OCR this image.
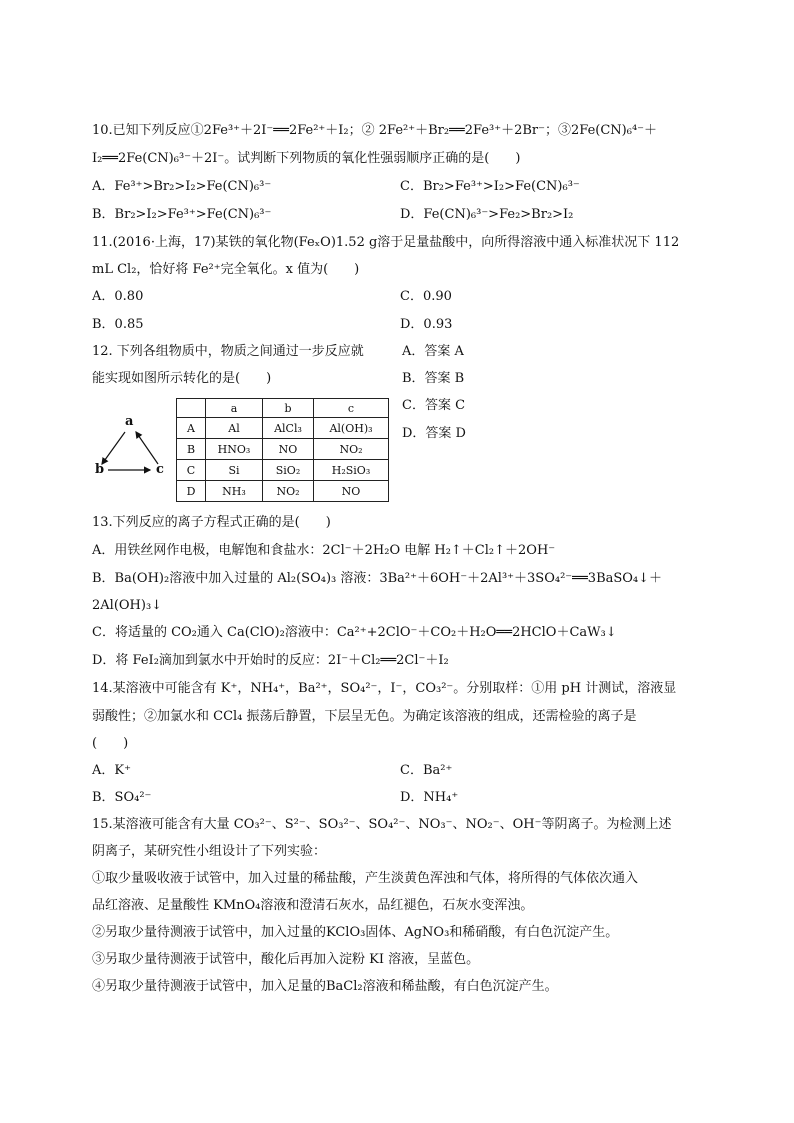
10.已知下列反应①2Fe³⁺＋2I⁻══2Fe²⁺＋I₂；② 2Fe²⁺＋Br₂══2Fe³⁺＋2Br⁻；③2Fe(CN)₆⁴⁻＋
I₂══2Fe(CN)₆³⁻＋2I⁻。试判断下列物质的氧化性强弱顺序正确的是(　　)
A．Fe³⁺>Br₂>I₂>Fe(CN)₆³⁻	C．Br₂>Fe³⁺>I₂>Fe(CN)₆³⁻
B．Br₂>I₂>Fe³⁺>Fe(CN)₆³⁻	D．Fe(CN)₆³⁻>Fe₂>Br₂>I₂
11.(2016·上海，17)某铁的氧化物(FeₓO)1.52 g溶于足量盐酸中，向所得溶液中通入标准状况下 112
mL Cl₂，恰好将 Fe²⁺完全氧化。x 值为(　　)
A．0.80	C．0.90
B．0.85	D．0.93
12. 下列各组物质中，物质之间通过一步反应就
能实现如图所示转化的是(　　)
A．答案 A
B．答案 B
C．答案 C
D．答案 D
a
b	c
	a	b	c
A	Al	AlCl₃	Al(OH)₃
B	HNO₃	NO	NO₂
C	Si	SiO₂	H₂SiO₃
D	NH₃	NO₂	NO
13.下列反应的离子方程式正确的是(　　)
A．用铁丝网作电极，电解饱和食盐水：2Cl⁻＋2H₂O 电解 H₂↑＋Cl₂↑＋2OH⁻
B．Ba(OH)₂溶液中加入过量的 Al₂(SO₄)₃ 溶液：3Ba²⁺＋6OH⁻＋2Al³⁺＋3SO₄²⁻══3BaSO₄↓＋
2Al(OH)₃↓
C．将适量的 CO₂通入 Ca(ClO)₂溶液中：Ca²⁺+2ClO⁻＋CO₂＋H₂O══2HClO＋CaW₃↓
D．将 FeI₂滴加到氯水中开始时的反应：2I⁻＋Cl₂══2Cl⁻＋I₂
14.某溶液中可能含有 K⁺，NH₄⁺，Ba²⁺，SO₄²⁻，I⁻，CO₃²⁻。分别取样：①用 pH 计测试，溶液显
弱酸性；②加氯水和 CCl₄ 振荡后静置，下层呈无色。为确定该溶液的组成，还需检验的离子是
(　　)
A．K⁺	C．Ba²⁺
B．SO₄²⁻	D．NH₄⁺
15.某溶液可能含有大量 CO₃²⁻、S²⁻、SO₃²⁻、SO₄²⁻、NO₃⁻、NO₂⁻、OH⁻等阴离子。为检测上述
阴离子，某研究性小组设计了下列实验：
①取少量吸收液于试管中，加入过量的稀盐酸，产生淡黄色浑浊和气体，将所得的气体依次通入
品红溶液、足量酸性 KMnO₄溶液和澄清石灰水，品红褪色，石灰水变浑浊。
②另取少量待测液于试管中，加入过量的KClO₃固体、AgNO₃和稀硝酸，有白色沉淀产生。
③另取少量待测液于试管中，酸化后再加入淀粉 KI 溶液，呈蓝色。
④另取少量待测液于试管中，加入足量的BaCl₂溶液和稀盐酸，有白色沉淀产生。
